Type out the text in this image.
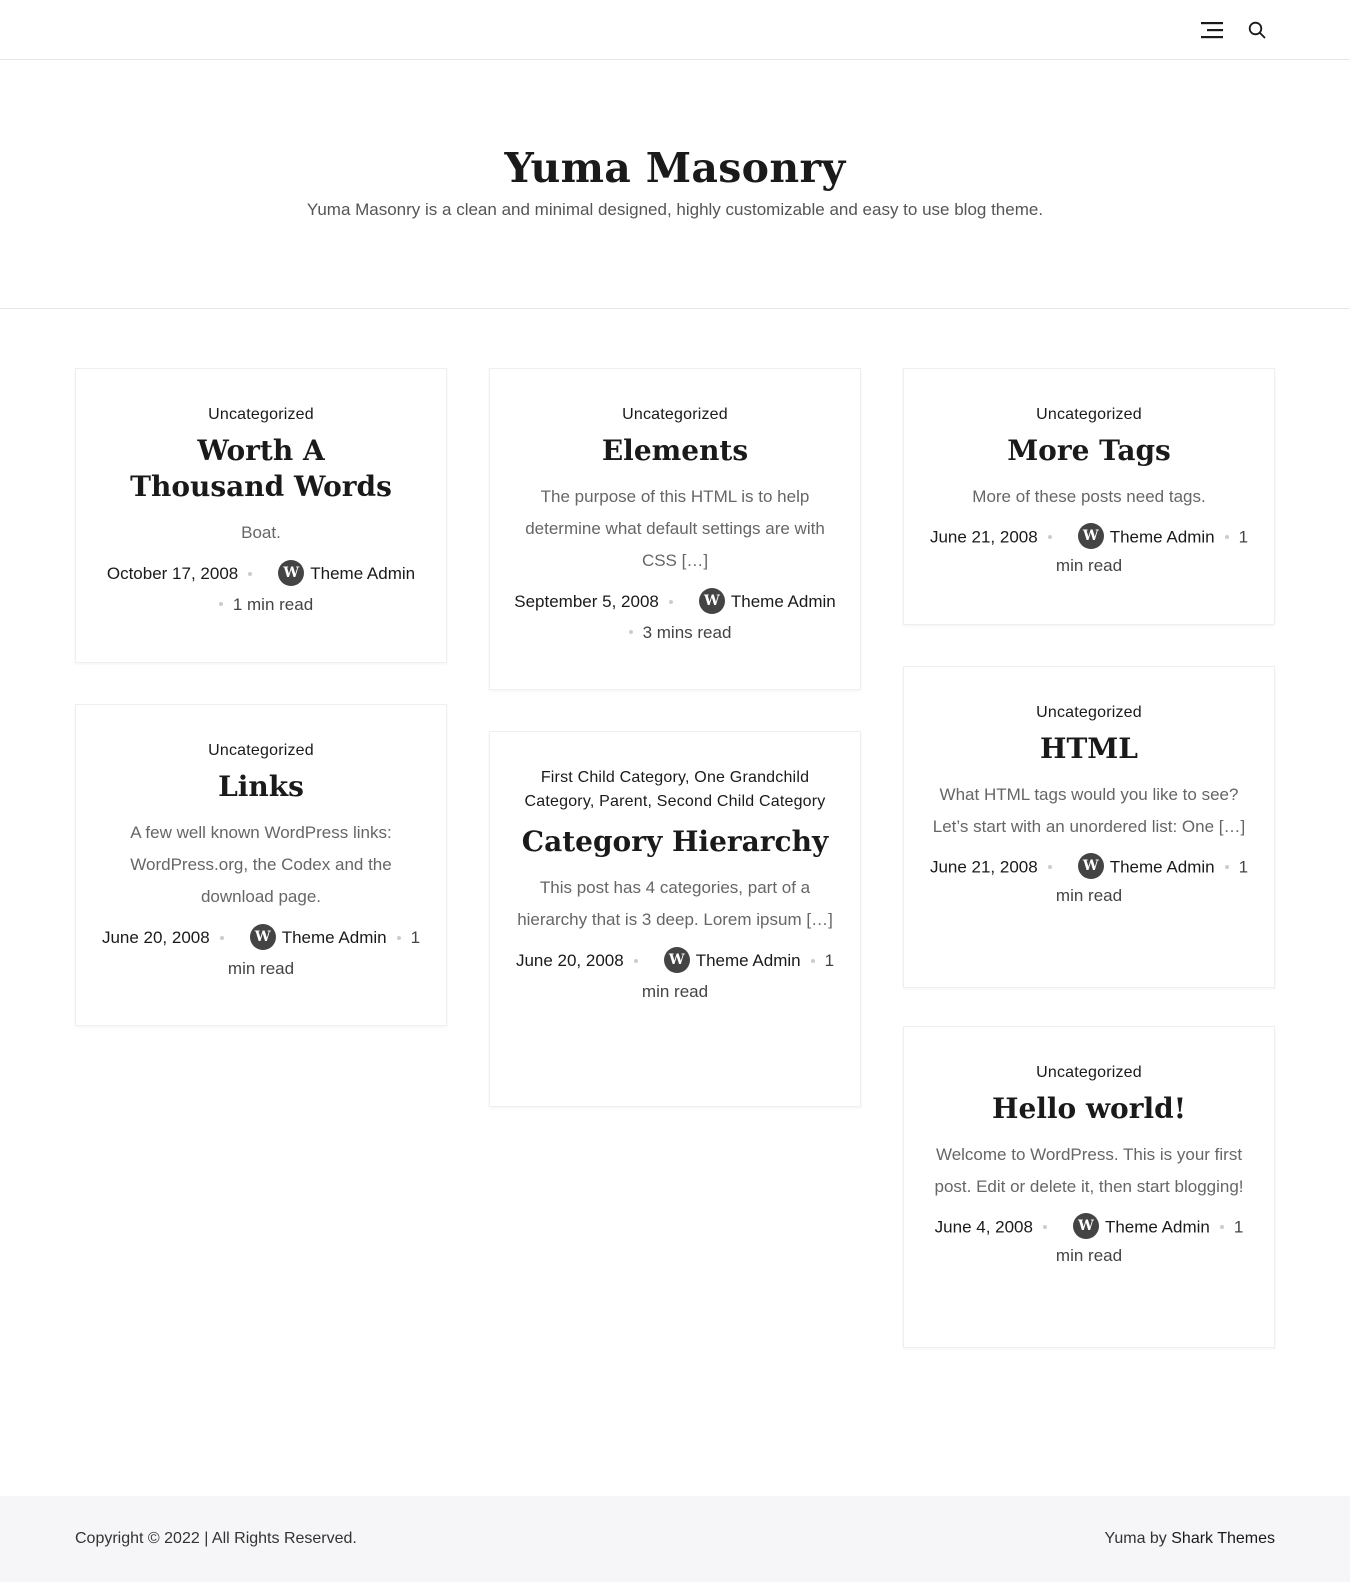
Yuma Masonry
Yuma Masonry is a clean and minimal designed, highly customizable and easy to use blog theme.
Uncategorized
Worth A Thousand Words
Boat.
October 17, 2008 W	Theme Admin1 min read
Uncategorized
Links
A few well known WordPress links: WordPress.org, the Codex and the download page.
June 20, 2008 W	Theme Admin 1 min read
Uncategorized
Elements
The purpose of this HTML is to help determine what default settings are with CSS […]
September 5, 2008 W	Theme Admin3 mins read
First Child Category, One Grandchild Category, Parent, Second Child Category
Category Hierarchy
This post has 4 categories, part of a hierarchy that is 3 deep. Lorem ipsum […]
June 20, 2008 W	Theme Admin 1 min read
Uncategorized
More Tags
More of these posts need tags.
June 21, 2008 W	Theme Admin 1 min read
Uncategorized
HTML
What HTML tags would you like to see? Let’s start with an unordered list: One […]
June 21, 2008 W	Theme Admin 1 min read
Uncategorized
Hello world!
Welcome to WordPress. This is your first post. Edit or delete it, then start blogging!
June 4, 2008 W	Theme Admin 1 min read
Copyright © 2022 | All Rights Reserved.	Yuma by Shark Themes
